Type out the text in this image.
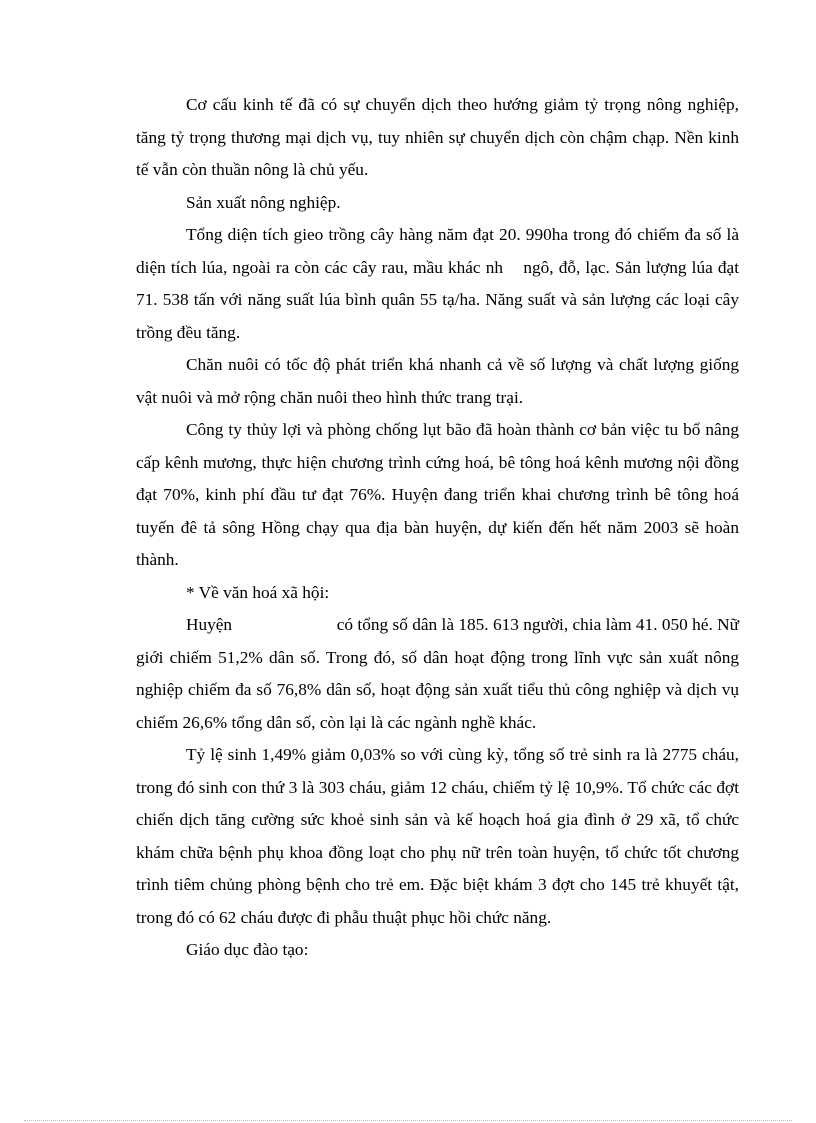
Cơ cấu kinh tế đã có sự chuyển dịch theo hướng giảm tỷ trọng nông nghiệp, tăng tỷ trọng thương mại dịch vụ, tuy nhiên sự chuyển dịch còn chậm chạp. Nền kinh tế vẫn còn thuần nông là chủ yếu.

Sản xuất nông nghiệp.

Tổng diện tích gieo trồng cây hàng năm đạt 20. 990ha trong đó chiếm đa số là diện tích lúa, ngoài ra còn các cây rau, mầu khác nh    ngô, đỗ, lạc. Sản lượng lúa đạt 71. 538 tấn với năng suất lúa bình quân 55 tạ/ha. Năng suất và sản lượng các loại cây trồng đều tăng.

Chăn nuôi có tốc độ phát triển khá nhanh cả về số lượng và chất lượng giống vật nuôi và mở rộng chăn nuôi theo hình thức trang trại.

Công ty thủy lợi và phòng chống lụt bão đã hoàn thành cơ bản việc tu bổ nâng cấp kênh mương, thực hiện chương trình cứng hoá, bê tông hoá kênh mương nội đồng đạt 70%, kinh phí đầu tư đạt 76%. Huyện đang triển khai chương trình bê tông hoá tuyến đê tả sông Hồng chạy qua địa bàn huyện, dự kiến đến hết năm 2003 sẽ hoàn thành.

* Về văn hoá xã hội:

Huyện                        có tổng số dân là 185. 613 người, chia làm 41. 050 hé. Nữ giới chiếm 51,2% dân số. Trong đó, số dân hoạt động trong lĩnh vực sản xuất nông nghiệp chiếm đa số 76,8% dân số, hoạt động sản xuất tiểu thủ công nghiệp và dịch vụ chiếm 26,6% tổng dân số, còn lại là các ngành nghề khác.

Tỷ lệ sinh 1,49% giảm 0,03% so với cùng kỳ, tổng số trẻ sinh ra là 2775 cháu, trong đó sinh con thứ 3 là 303 cháu, giảm 12 cháu, chiếm tỷ lệ 10,9%. Tổ chức các đợt chiến dịch tăng cường sức khoẻ sinh sản và kế hoạch hoá gia đình ở 29 xã, tổ chức khám chữa bệnh phụ khoa đồng loạt cho phụ nữ trên toàn huyện, tổ chức tốt chương trình tiêm chủng phòng bệnh cho trẻ em. Đặc biệt khám 3 đợt cho 145 trẻ khuyết tật, trong đó có 62 cháu được đi phẫu thuật phục hồi chức năng.

Giáo dục đào tạo:
